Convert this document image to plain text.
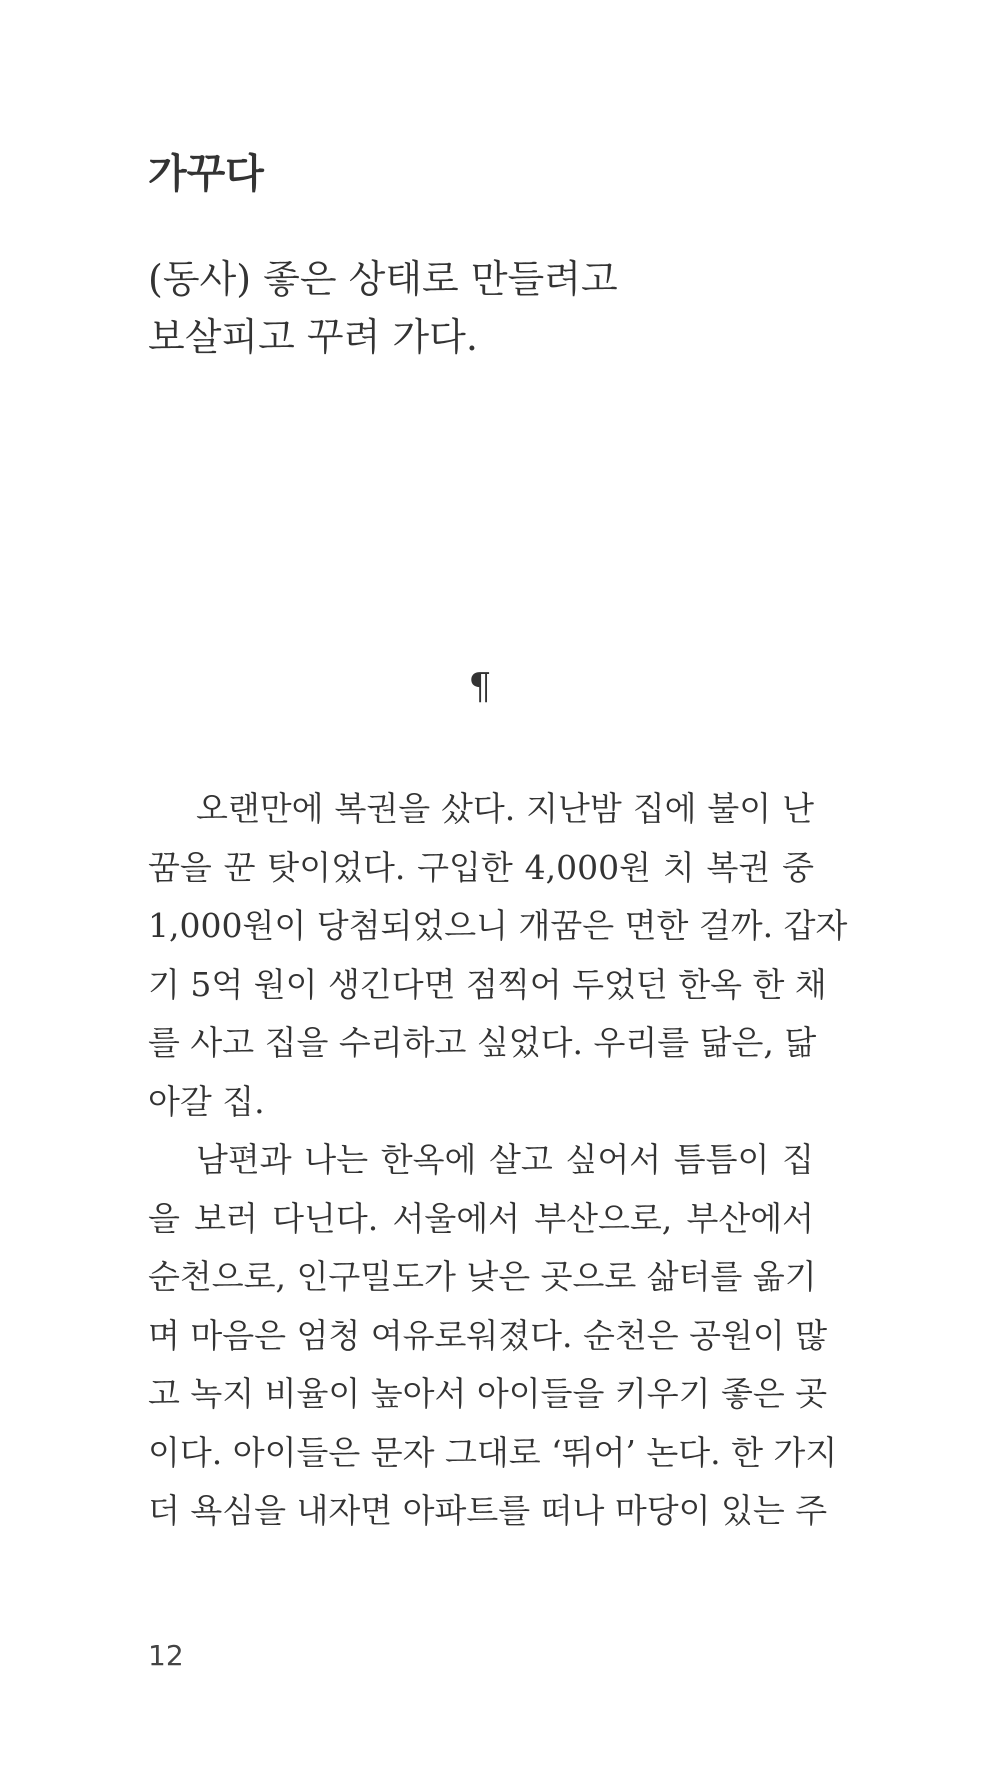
가꾸다
(동사) 좋은 상태로 만들려고
보살피고 꾸려 가다.
¶
오랜만에 복권을 샀다. 지난밤 집에 불이 난
꿈을 꾼 탓이었다. 구입한 4,000원 치 복권 중
1,000원이 당첨되었으니 개꿈은 면한 걸까. 갑자
기 5억 원이 생긴다면 점찍어 두었던 한옥 한 채
를 사고 집을 수리하고 싶었다. 우리를 닮은, 닮
아갈 집.
남편과 나는 한옥에 살고 싶어서 틈틈이 집
을 보러 다닌다. 서울에서 부산으로, 부산에서
순천으로, 인구밀도가 낮은 곳으로 삶터를 옮기
며 마음은 엄청 여유로워졌다. 순천은 공원이 많
고 녹지 비율이 높아서 아이들을 키우기 좋은 곳
이다. 아이들은 문자 그대로 ‘뛰어’ 논다. 한 가지
더 욕심을 내자면 아파트를 떠나 마당이 있는 주
12
